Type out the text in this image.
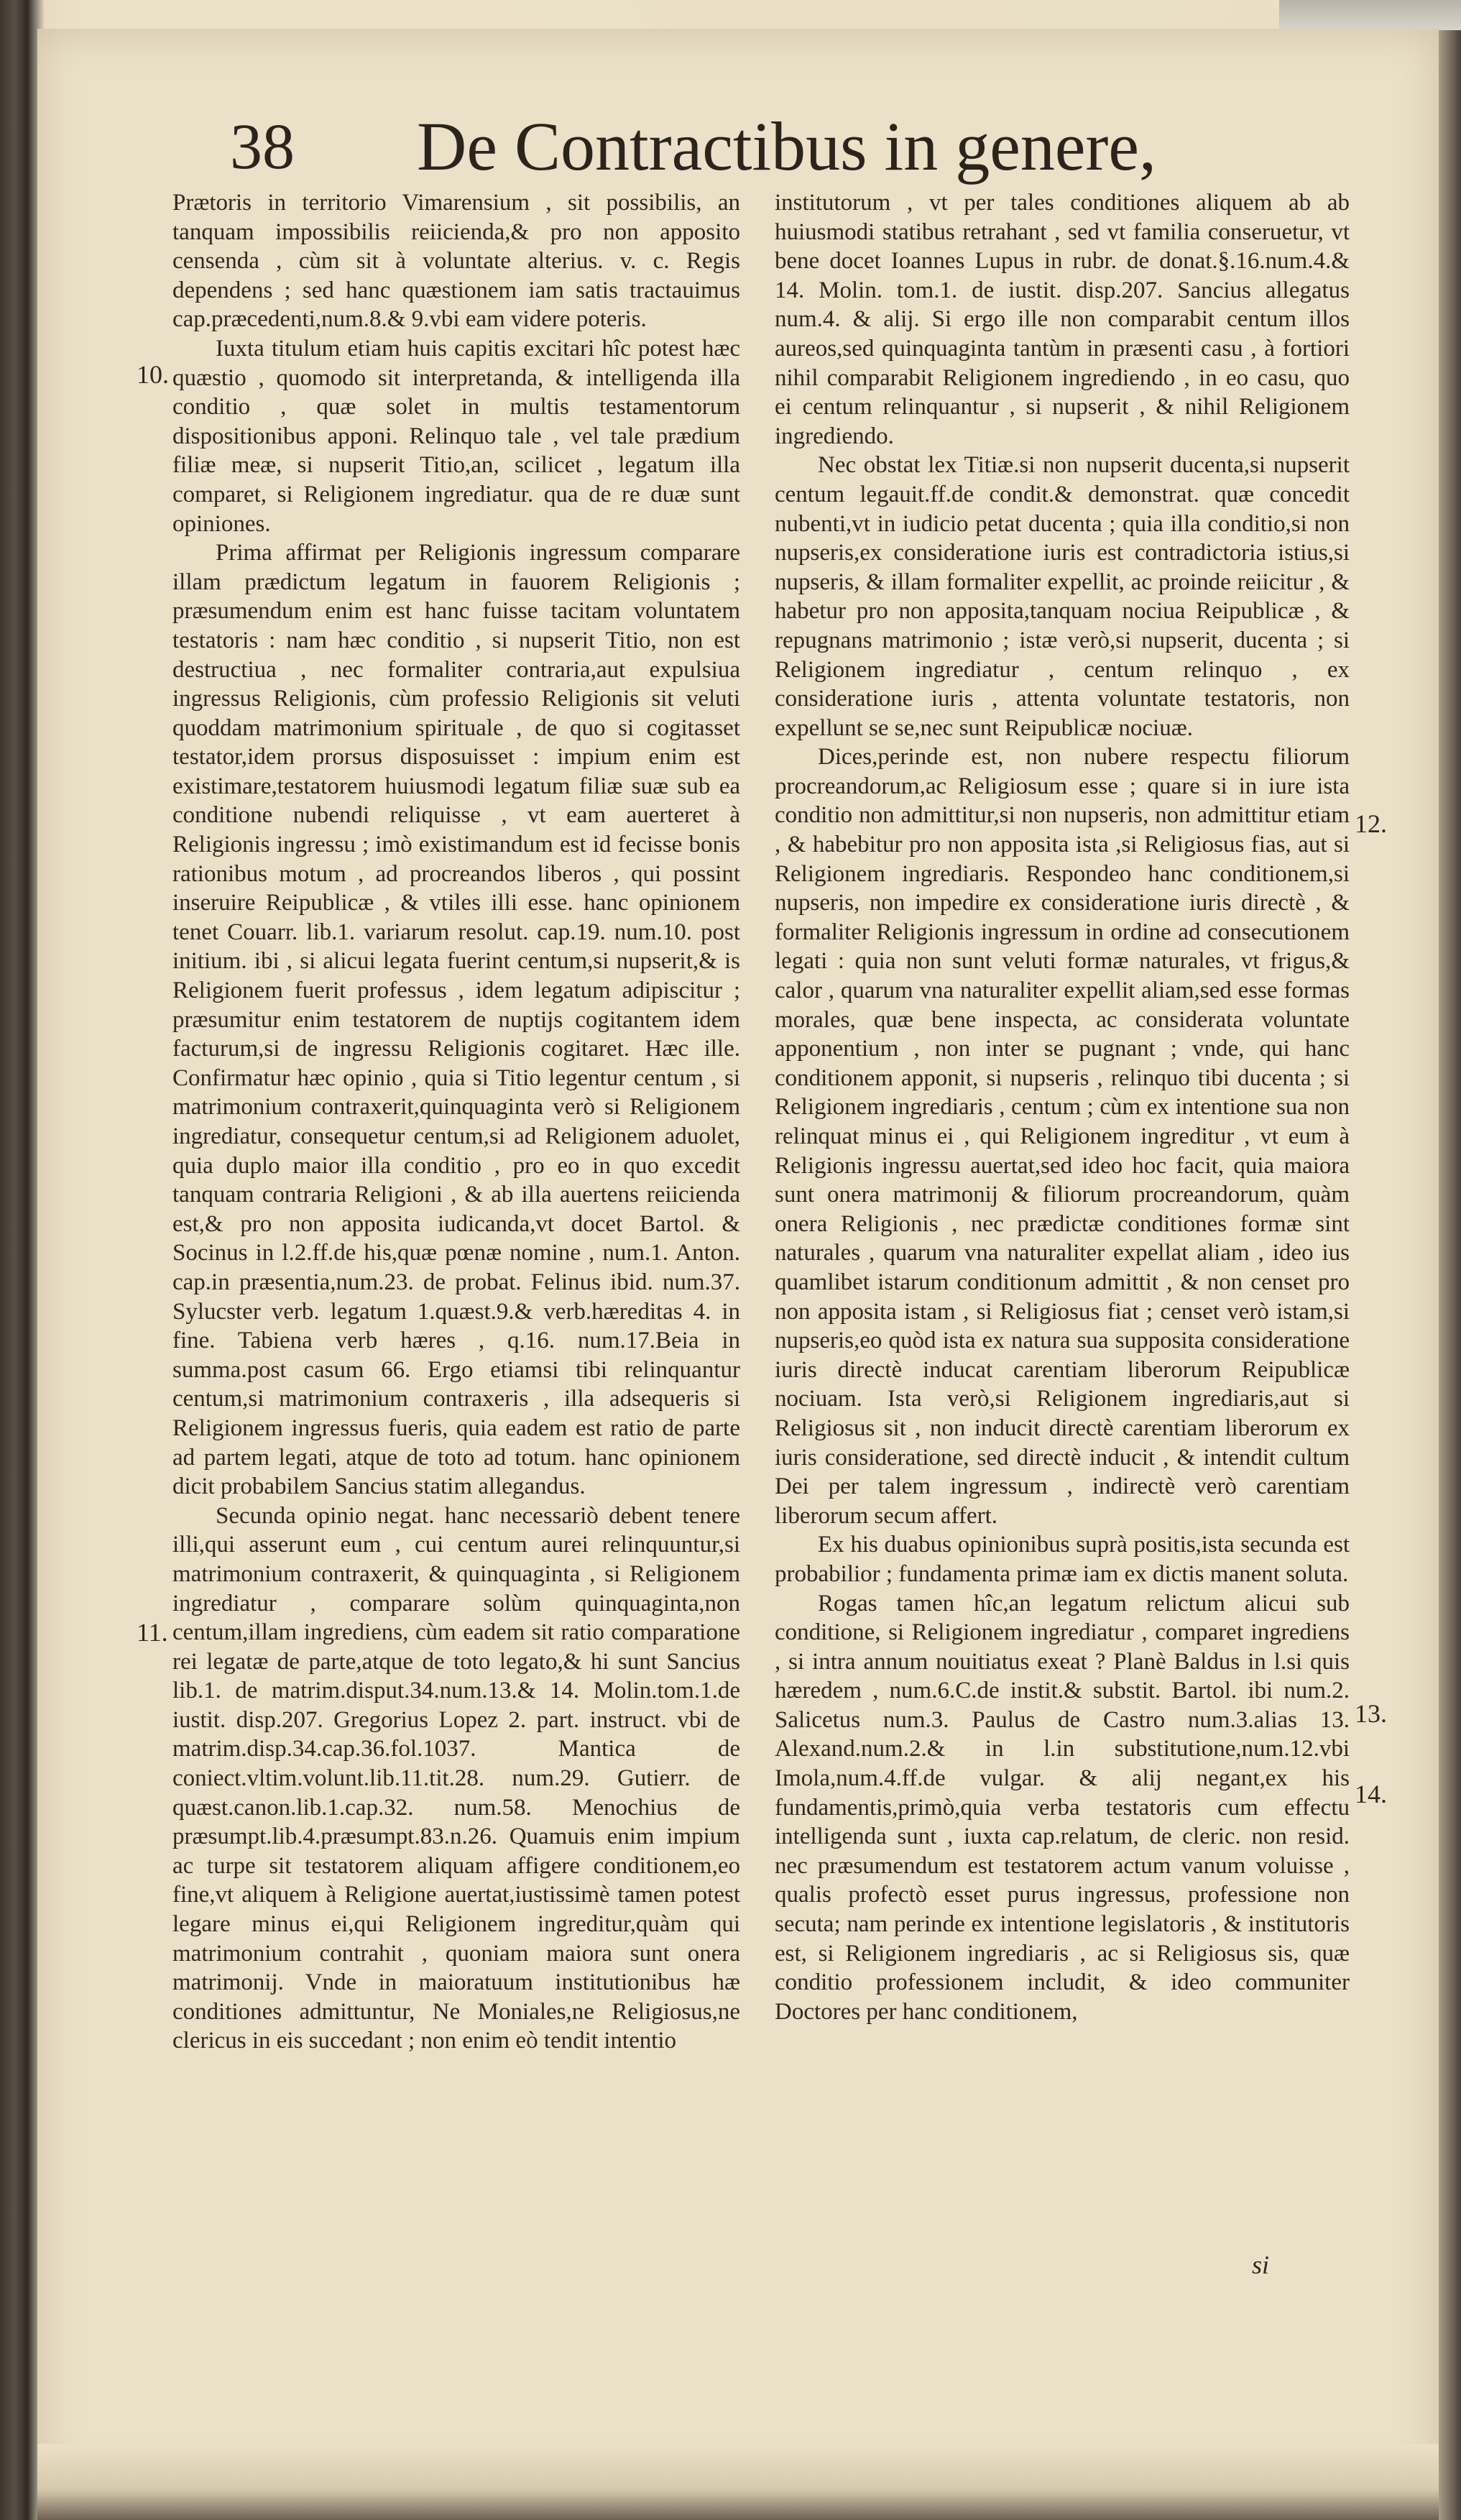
38 De Contractibus in genere,

Prætoris in territorio Vimarensium , sit possibilis, an tanquam impossibilis reiicienda,& pro non apposito censenda , cùm sit à voluntate alterius. v. c. Regis dependens ; sed hanc quæstionem iam satis tractauimus cap.præcedenti,num.8.& 9.vbi eam videre poteris.

Iuxta titulum etiam huis capitis excitari hîc potest hæc quæstio , quomodo sit interpretanda, & intelligenda illa conditio , quæ solet in multis testamentorum dispositionibus apponi. Relinquo tale , vel tale prædium filiæ meæ, si nupserit Titio,an, scilicet , legatum illa comparet, si Religionem ingrediatur. qua de re duæ sunt opiniones.

Prima affirmat per Religionis ingressum comparare illam prædictum legatum in fauorem Religionis ; præsumendum enim est hanc fuisse tacitam voluntatem testatoris : nam hæc conditio , si nupserit Titio, non est destructiua , nec formaliter contraria,aut expulsiua ingressus Religionis, cùm professio Religionis sit veluti quoddam matrimonium spirituale , de quo si cogitasset testator,idem prorsus disposuisset : impium enim est existimare,testatorem huiusmodi legatum filiæ suæ sub ea conditione nubendi reliquisse , vt eam auerteret à Religionis ingressu ; imò existimandum est id fecisse bonis rationibus motum , ad procreandos liberos , qui possint inseruire Reipublicæ , & vtiles illi esse. hanc opinionem tenet Couarr. lib.1. variarum resolut. cap.19. num.10. post initium. ibi , si alicui legata fuerint centum,si nupserit,& is Religionem fuerit professus , idem legatum adipiscitur ; præsumitur enim testatorem de nuptijs cogitantem idem facturum,si de ingressu Religionis cogitaret. Hæc ille. Confirmatur hæc opinio , quia si Titio legentur centum , si matrimonium contraxerit,quinquaginta verò si Religionem ingrediatur, consequetur centum,si ad Religionem aduolet, quia duplo maior illa conditio , pro eo in quo excedit tanquam contraria Religioni , & ab illa auertens reiicienda est,& pro non apposita iudicanda,vt docet Bartol. & Socinus in l.2.ff.de his,quæ pœnæ nomine , num.1. Anton. cap.in præsentia,num.23. de probat. Felinus ibid. num.37. Sylucster verb. legatum 1.quæst.9.& verb.hæreditas 4. in fine. Tabiena verb hæres , q.16. num.17.Beia in summa.post casum 66. Ergo etiamsi tibi relinquantur centum,si matrimonium contraxeris , illa adsequeris si Religionem ingressus fueris, quia eadem est ratio de parte ad partem legati, atque de toto ad totum. hanc opinionem dicit probabilem Sancius statim allegandus.

Secunda opinio negat. hanc necessariò debent tenere illi,qui asserunt eum , cui centum aurei relinquuntur,si matrimonium contraxerit, & quinquaginta , si Religionem ingrediatur , comparare solùm quinquaginta,non centum,illam ingrediens, cùm eadem sit ratio comparatione rei legatæ de parte,atque de toto legato,& hi sunt Sancius lib.1. de matrim.disput.34.num.13.& 14. Molin.tom.1.de iustit. disp.207. Gregorius Lopez 2. part. instruct. vbi de matrim.disp.34.cap.36.fol.1037. Mantica de coniect.vltim.volunt.lib.11.tit.28. num.29. Gutierr. de quæst.canon.lib.1.cap.32. num.58. Menochius de præsumpt.lib.4.præsumpt.83.n.26. Quamuis enim impium ac turpe sit testatorem aliquam affigere conditionem,eo fine,vt aliquem à Religione auertat,iustissimè tamen potest legare minus ei,qui Religionem ingreditur,quàm qui matrimonium contrahit , quoniam maiora sunt onera matrimonij. Vnde in maioratuum institutionibus hæ conditiones admittuntur, Ne Moniales,ne Religiosus,ne clericus in eis succedant ; non enim eò tendit intentio

institutorum , vt per tales conditiones aliquem ab ab huiusmodi statibus retrahant , sed vt familia conseruetur, vt bene docet Ioannes Lupus in rubr. de donat.§.16.num.4.& 14. Molin. tom.1. de iustit. disp.207. Sancius allegatus num.4. & alij. Si ergo ille non comparabit centum illos aureos,sed quinquaginta tantùm in præsenti casu , à fortiori nihil comparabit Religionem ingrediendo , in eo casu, quo ei centum relinquantur , si nupserit , & nihil Religionem ingrediendo.

Nec obstat lex Titiæ.si non nupserit ducenta,si nupserit centum legauit.ff.de condit.& demonstrat. quæ concedit nubenti,vt in iudicio petat ducenta ; quia illa conditio,si non nupseris,ex consideratione iuris est contradictoria istius,si nupseris, & illam formaliter expellit, ac proinde reiicitur , & habetur pro non apposita,tanquam nociua Reipublicæ , & repugnans matrimonio ; istæ verò,si nupserit, ducenta ; si Religionem ingrediatur , centum relinquo , ex consideratione iuris , attenta voluntate testatoris, non expellunt se se,nec sunt Reipublicæ nociuæ.

Dices,perinde est, non nubere respectu filiorum procreandorum,ac Religiosum esse ; quare si in iure ista conditio non admittitur,si non nupseris, non admittitur etiam , & habebitur pro non apposita ista ,si Religiosus fias, aut si Religionem ingrediaris. Respondeo hanc conditionem,si nupseris, non impedire ex consideratione iuris directè , & formaliter Religionis ingressum in ordine ad consecutionem legati : quia non sunt veluti formæ naturales, vt frigus,& calor , quarum vna naturaliter expellit aliam,sed esse formas morales, quæ bene inspecta, ac considerata voluntate apponentium , non inter se pugnant ; vnde, qui hanc conditionem apponit, si nupseris , relinquo tibi ducenta ; si Religionem ingrediaris , centum ; cùm ex intentione sua non relinquat minus ei , qui Religionem ingreditur , vt eum à Religionis ingressu auertat,sed ideo hoc facit, quia maiora sunt onera matrimonij & filiorum procreandorum, quàm onera Religionis , nec prædictæ conditiones formæ sint naturales , quarum vna naturaliter expellat aliam , ideo ius quamlibet istarum conditionum admittit , & non censet pro non apposita istam , si Religiosus fiat ; censet verò istam,si nupseris,eo quòd ista ex natura sua supposita consideratione iuris directè inducat carentiam liberorum Reipublicæ nociuam. Ista verò,si Religionem ingrediaris,aut si Religiosus sit , non inducit directè carentiam liberorum ex iuris consideratione, sed directè inducit , & intendit cultum Dei per talem ingressum , indirectè verò carentiam liberorum secum affert.

Ex his duabus opinionibus suprà positis,ista secunda est probabilior ; fundamenta primæ iam ex dictis manent soluta.

Rogas tamen hîc,an legatum relictum alicui sub conditione, si Religionem ingrediatur , comparet ingrediens , si intra annum nouitiatus exeat ? Planè Baldus in l.si quis hæredem , num.6.C.de instit.& substit. Bartol. ibi num.2. Salicetus num.3. Paulus de Castro num.3.alias 13. Alexand.num.2.& in l.in substitutione,num.12.vbi Imola,num.4.ff.de vulgar. & alij negant,ex his fundamentis,primò,quia verba testatoris cum effectu intelligenda sunt , iuxta cap.relatum, de cleric. non resid. nec præsumendum est testatorem actum vanum voluisse , qualis profectò esset purus ingressus, professione non secuta; nam perinde ex intentione legislatoris , & institutoris est, si Religionem ingrediaris , ac si Religiosus sis, quæ conditio professionem includit, & ideo communiter Doctores per hanc conditionem,

10.
11.
12.
13.
14.
si
